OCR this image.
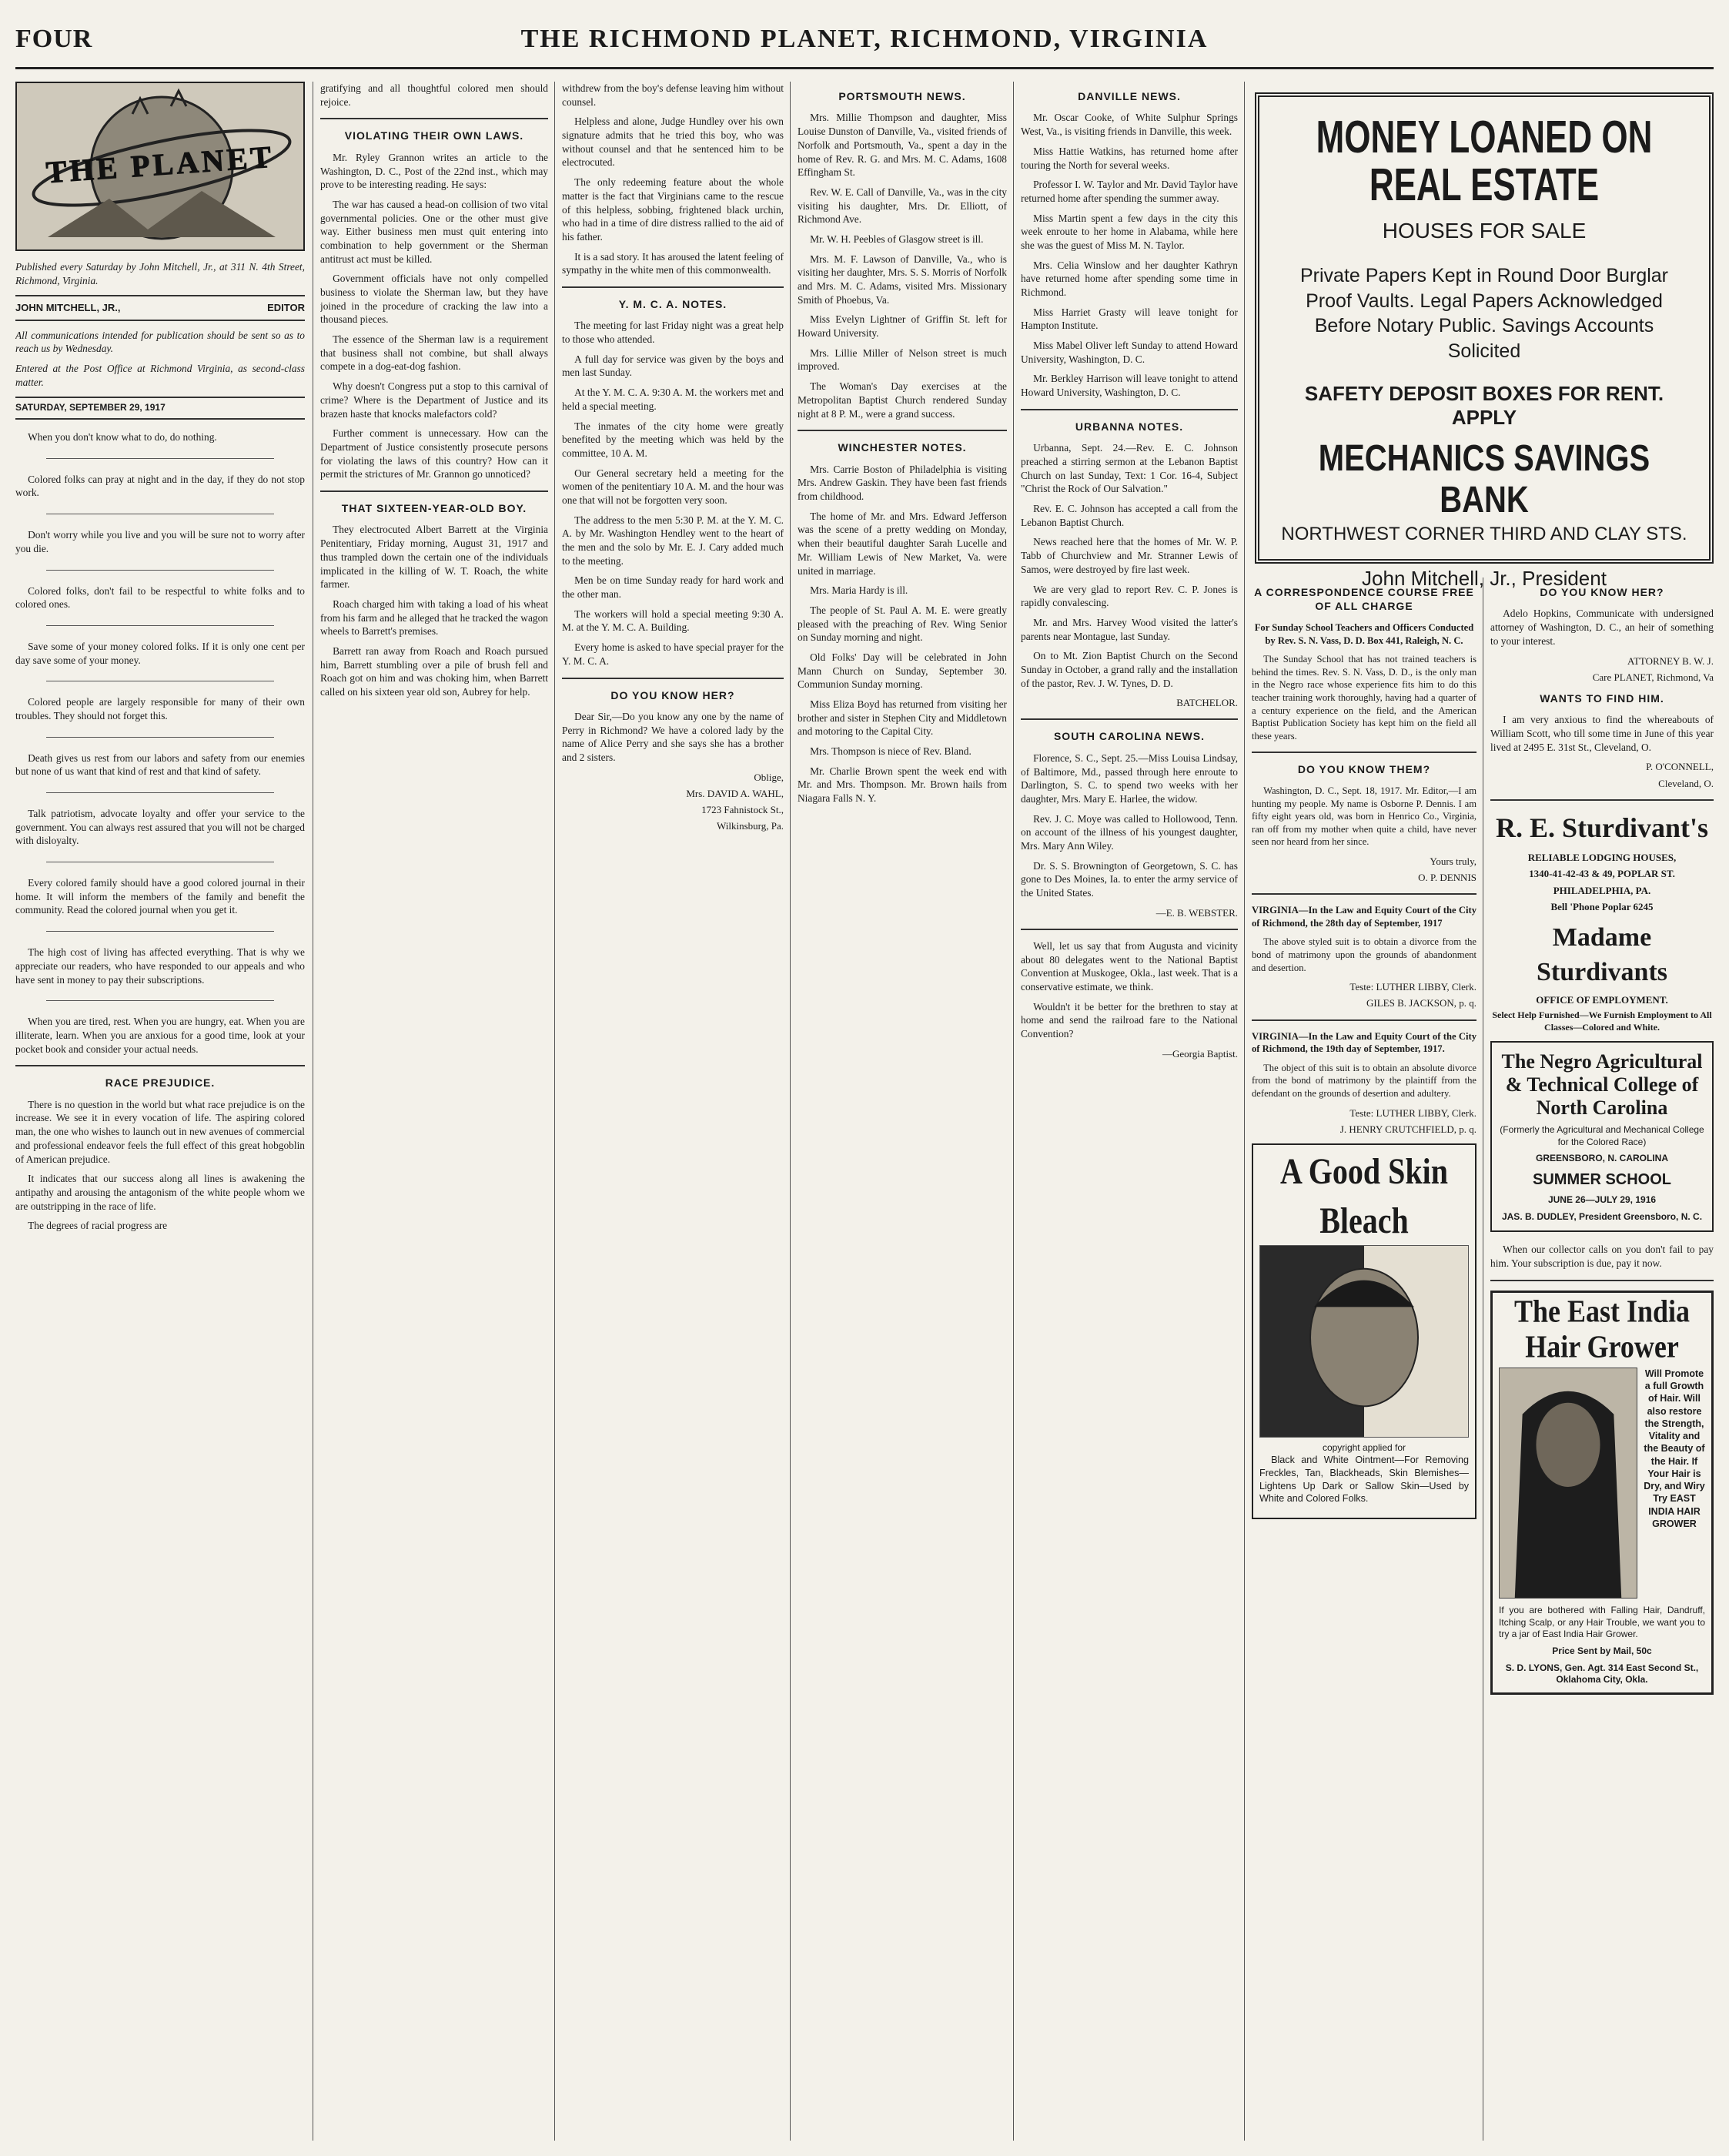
FOUR	THE RICHMOND PLANET, RICHMOND, VIRGINIA
THE PLANET

Published every Saturday by John Mitchell, Jr., at 311 N. 4th Street, Richmond, Virginia.

JOHN MITCHELL, JR.,	EDITOR

All communications intended for publication should be sent so as to reach us by Wednesday.

Entered at the Post Office at Richmond Virginia, as second-class matter.

SATURDAY, SEPTEMBER 29, 1917

When you don't know what to do, do nothing.

Colored folks can pray at night and in the day, if they do not stop work.

Don't worry while you live and you will be sure not to worry after you die.

Colored folks, don't fail to be respectful to white folks and to colored ones.

Save some of your money colored folks. If it is only one cent per day save some of your money.

Colored people are largely responsible for many of their own troubles. They should not forget this.

Death gives us rest from our labors and safety from our enemies but none of us want that kind of rest and that kind of safety.

Talk patriotism, advocate loyalty and offer your service to the government. You can always rest assured that you will not be charged with disloyalty.

Every colored family should have a good colored journal in their home. It will inform the members of the family and benefit the community. Read the colored journal when you get it.

The high cost of living has affected everything. That is why we appreciate our readers, who have responded to our appeals and who have sent in money to pay their subscriptions.

When you are tired, rest. When you are hungry, eat. When you are illiterate, learn. When you are anxious for a good time, look at your pocket book and consider your actual needs.

RACE PREJUDICE.

There is no question in the world but what race prejudice is on the increase. We see it in every vocation of life. The aspiring colored man, the one who wishes to launch out in new avenues of commercial and professional endeavor feels the full effect of this great hobgoblin of American prejudice.

It indicates that our success along all lines is awakening the antipathy and arousing the antagonism of the white people whom we are outstripping in the race of life.

The degrees of racial progress are

gratifying and all thoughtful colored men should rejoice.

VIOLATING THEIR OWN LAWS.

Mr. Ryley Grannon writes an article to the Washington, D. C., Post of the 22nd inst., which may prove to be interesting reading. He says:

The war has caused a head-on collision of two vital governmental policies. One or the other must give way. Either business men must quit entering into combination to help government or the Sherman antitrust act must be killed.

Government officials have not only compelled business to violate the Sherman law, but they have joined in the procedure of cracking the law into a thousand pieces.

The essence of the Sherman law is a requirement that business shall not combine, but shall always compete in a dog-eat-dog fashion.

Why doesn't Congress put a stop to this carnival of crime? Where is the Department of Justice and its brazen haste that knocks malefactors cold?

Further comment is unnecessary. How can the Department of Justice consistently prosecute persons for violating the laws of this country? How can it permit the strictures of Mr. Grannon go unnoticed?

THAT SIXTEEN-YEAR-OLD BOY.

They electrocuted Albert Barrett at the Virginia Penitentiary, Friday morning, August 31, 1917 and thus trampled down the certain one of the individuals implicated in the killing of W. T. Roach, the white farmer.

Roach charged him with taking a load of his wheat from his farm and he alleged that he tracked the wagon wheels to Barrett's premises.

Barrett ran away from Roach and Roach pursued him, Barrett stumbling over a pile of brush fell and Roach got on him and was choking him, when Barrett called on his sixteen year old son, Aubrey for help.

withdrew from the boy's defense leaving him without counsel.

Helpless and alone, Judge Hundley over his own signature admits that he tried this boy, who was without counsel and that he sentenced him to be electrocuted.

The only redeeming feature about the whole matter is the fact that Virginians came to the rescue of this helpless, sobbing, frightened black urchin, who had in a time of dire distress rallied to the aid of his father.

It is a sad story. It has aroused the latent feeling of sympathy in the white men of this commonwealth.

Y. M. C. A. NOTES.

The meeting for last Friday night was a great help to those who attended.

A full day for service was given by the boys and men last Sunday.

At the Y. M. C. A. 9:30 A. M. the workers met and held a special meeting.

The inmates of the city home were greatly benefited by the meeting which was held by the committee, 10 A. M.

Our General secretary held a meeting for the women of the penitentiary 10 A. M. and the hour was one that will not be forgotten very soon.

The address to the men 5:30 P. M. at the Y. M. C. A. by Mr. Washington Hendley went to the heart of the men and the solo by Mr. E. J. Cary added much to the meeting.

Men be on time Sunday ready for hard work and the other man.

The workers will hold a special meeting 9:30 A. M. at the Y. M. C. A. Building.

Every home is asked to have special prayer for the Y. M. C. A.

DO YOU KNOW HER?

Dear Sir,—Do you know any one by the name of Perry in Richmond? We have a colored lady by the name of Alice Perry and she says she has a brother and 2 sisters.

Oblige,
Mrs. DAVID A. WAHL,
1723 Fahnistock St.,
Wilkinsburg, Pa.
PORTSMOUTH NEWS.

Mrs. Millie Thompson and daughter, Miss Louise Dunston of Danville, Va., visited friends of Norfolk and Portsmouth, Va., spent a day in the home of Rev. R. G. and Mrs. M. C. Adams, 1608 Effingham St.

Rev. W. E. Call of Danville, Va., was in the city visiting his daughter, Mrs. Dr. Elliott, of Richmond Ave.

Mr. W. H. Peebles of Glasgow street is ill.

Mrs. M. F. Lawson of Danville, Va., who is visiting her daughter, Mrs. S. S. Morris of Norfolk and Mrs. M. C. Adams, visited Mrs. Missionary Smith of Phoebus, Va.

Miss Evelyn Lightner of Griffin St. left for Howard University.

Mrs. Lillie Miller of Nelson street is much improved.

The Woman's Day exercises at the Metropolitan Baptist Church rendered Sunday night at 8 P. M., were a grand success.

WINCHESTER NOTES.

Mrs. Carrie Boston of Philadelphia is visiting Mrs. Andrew Gaskin. They have been fast friends from childhood.

The home of Mr. and Mrs. Edward Jefferson was the scene of a pretty wedding on Monday, when their beautiful daughter Sarah Lucelle and Mr. William Lewis of New Market, Va. were united in marriage.

Mrs. Maria Hardy is ill.

The people of St. Paul A. M. E. were greatly pleased with the preaching of Rev. Wing Senior on Sunday morning and night.

Old Folks' Day will be celebrated in John Mann Church on Sunday, September 30. Communion Sunday morning.

Miss Eliza Boyd has returned from visiting her brother and sister in Stephen City and Middletown and motoring to the Capital City.

Mrs. Thompson is niece of Rev. Bland.

Mr. Charlie Brown spent the week end with Mr. and Mrs. Thompson. Mr. Brown hails from Niagara Falls N. Y.

DANVILLE NEWS.

Mr. Oscar Cooke, of White Sulphur Springs West, Va., is visiting friends in Danville, this week.

Miss Hattie Watkins, has returned home after touring the North for several weeks.

Professor I. W. Taylor and Mr. David Taylor have returned home after spending the summer away.

Miss Martin spent a few days in the city this week enroute to her home in Alabama, while here she was the guest of Miss M. N. Taylor.

Mrs. Celia Winslow and her daughter Kathryn have returned home after spending some time in Richmond.

Miss Harriet Grasty will leave tonight for Hampton Institute.

Miss Mabel Oliver left Sunday to attend Howard University, Washington, D. C.

Mr. Berkley Harrison will leave tonight to attend Howard University, Washington, D. C.

URBANNA NOTES.

Urbanna, Sept. 24.—Rev. E. C. Johnson preached a stirring sermon at the Lebanon Baptist Church on last Sunday, Text: 1 Cor. 16-4, Subject "Christ the Rock of Our Salvation."

Rev. E. C. Johnson has accepted a call from the Lebanon Baptist Church.

News reached here that the homes of Mr. W. P. Tabb of Churchview and Mr. Stranner Lewis of Samos, were destroyed by fire last week.

We are very glad to report Rev. C. P. Jones is rapidly convalescing.

Mr. and Mrs. Harvey Wood visited the latter's parents near Montague, last Sunday.

On to Mt. Zion Baptist Church on the Second Sunday in October, a grand rally and the installation of the pastor, Rev. J. W. Tynes, D. D.

BATCHELOR.
SOUTH CAROLINA NEWS.

Florence, S. C., Sept. 25.—Miss Louisa Lindsay, of Baltimore, Md., passed through here enroute to Darlington, S. C. to spend two weeks with her daughter, Mrs. Mary E. Harlee, the widow.

Rev. J. C. Moye was called to Hollowood, Tenn. on account of the illness of his youngest daughter, Mrs. Mary Ann Wiley.

Dr. S. S. Brownington of Georgetown, S. C. has gone to Des Moines, Ia. to enter the army service of the United States.

—E. B. WEBSTER.

Well, let us say that from Augusta and vicinity about 80 delegates went to the National Baptist Convention at Muskogee, Okla., last week. That is a conservative estimate, we think.

Wouldn't it be better for the brethren to stay at home and send the railroad fare to the National Convention?

—Georgia Baptist.
MONEY LOANED ON REAL ESTATE
HOUSES FOR SALE
Private Papers Kept in Round Door Burglar Proof Vaults. Legal Papers Acknowledged Before Notary Public. Savings Accounts Solicited
SAFETY DEPOSIT BOXES FOR RENT. APPLY
MECHANICS SAVINGS BANK
NORTHWEST CORNER THIRD AND CLAY STS.
John Mitchell, Jr., President
A CORRESPONDENCE COURSE FREE OF ALL CHARGE

For Sunday School Teachers and Officers Conducted by Rev. S. N. Vass, D. D. Box 441, Raleigh, N. C.

The Sunday School that has not trained teachers is behind the times. Rev. S. N. Vass, D. D., is the only man in the Negro race whose experience fits him to do this teacher training work thoroughly, having had a quarter of a century experience on the field, and the American Baptist Publication Society has kept him on the field all these years.

DO YOU KNOW THEM?

Washington, D. C., Sept. 18, 1917. Mr. Editor,—I am hunting my people. My name is Osborne P. Dennis. I am fifty eight years old, was born in Henrico Co., Virginia, ran off from my mother when quite a child, have never seen nor heard from her since.

Yours truly,
O. P. DENNIS

VIRGINIA—In the Law and Equity Court of the City of Richmond, the 28th day of September, 1917

The above styled suit is to obtain a divorce from the bond of matrimony upon the grounds of abandonment and desertion.

Teste: LUTHER LIBBY, Clerk.
GILES B. JACKSON, p. q.

VIRGINIA—In the Law and Equity Court of the City of Richmond, the 19th day of September, 1917.

The object of this suit is to obtain an absolute divorce from the bond of matrimony by the plaintiff from the defendant on the grounds of desertion and adultery.

Teste: LUTHER LIBBY, Clerk.
J. HENRY CRUTCHFIELD, p. q.
A Good Skin Bleach
copyright applied for

Black and White Ointment—For Removing Freckles, Tan, Blackheads, Skin Blemishes—Lightens Up Dark or Sallow Skin—Used by White and Colored Folks.

DO YOU KNOW HER?

Adelo Hopkins, Communicate with undersigned attorney of Washington, D. C., an heir of something to your interest.

ATTORNEY B. W. J.
Care PLANET, Richmond, Va
WANTS TO FIND HIM.

I am very anxious to find the whereabouts of William Scott, who till some time in June of this year lived at 2495 E. 31st St., Cleveland, O.

P. O'CONNELL,
Cleveland, O.
R. E. Sturdivant's
RELIABLE LODGING HOUSES,
1340-41-42-43 & 49, POPLAR ST.
PHILADELPHIA, PA.
Bell 'Phone Poplar 6245
Madame Sturdivants
OFFICE OF EMPLOYMENT.
Select Help Furnished—We Furnish Employment to All Classes—Colored and White.
The Negro Agricultural & Technical College of North Carolina
(Formerly the Agricultural and Mechanical College for the Colored Race)
GREENSBORO, N. CAROLINA
SUMMER SCHOOL
JUNE 26—JULY 29, 1916
JAS. B. DUDLEY, President Greensboro, N. C.

When our collector calls on you don't fail to pay him. Your subscription is due, pay it now.

The East India Hair Grower
Will Promote a full Growth of Hair. Will also restore the Strength, Vitality and the Beauty of the Hair. If Your Hair is Dry, and Wiry Try EAST INDIA HAIR GROWER
If you are bothered with Falling Hair, Dandruff, Itching Scalp, or any Hair Trouble, we want you to try a jar of East India Hair Grower.
Price Sent by Mail, 50c
S. D. LYONS, Gen. Agt. 314 East Second St., Oklahoma City, Okla.
